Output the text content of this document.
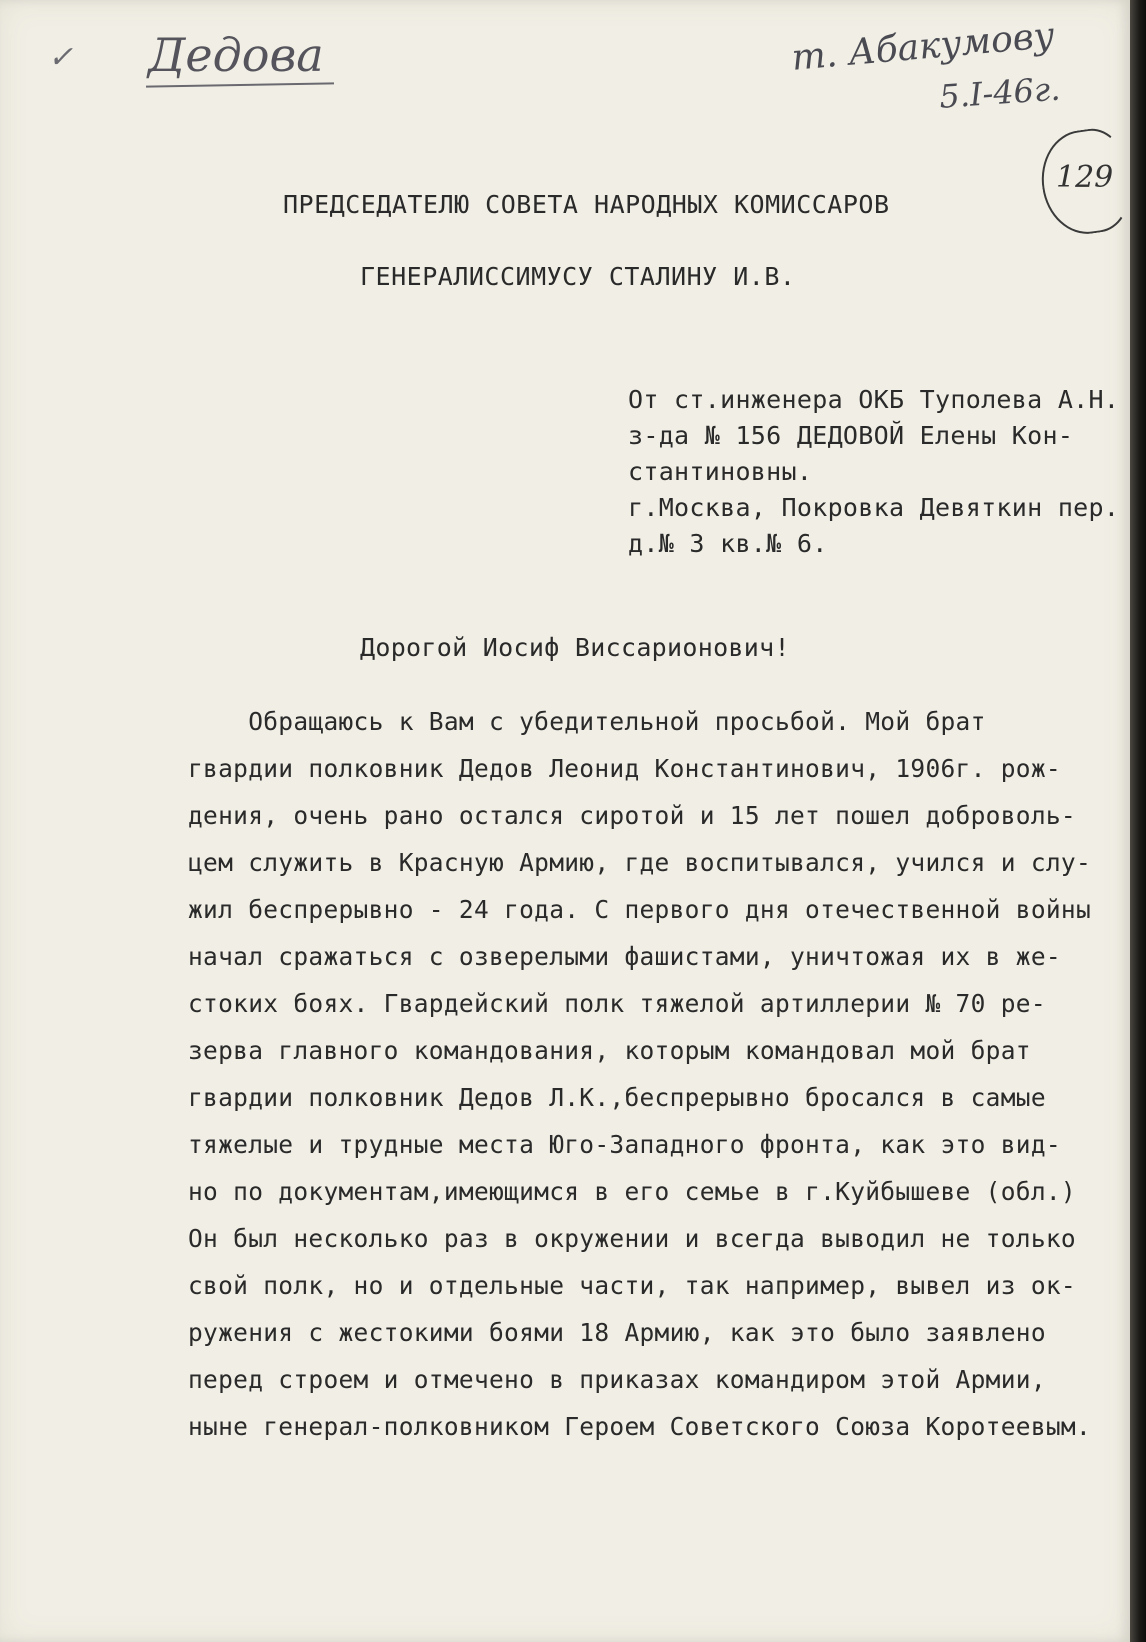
✓ Дедова	т. Абакумову
5.I-46г.
129
ПРЕДСЕДАТЕЛЮ СОВЕТА НАРОДНЫХ КОМИССАРОВ
ГЕНЕРАЛИССИМУСУ СТАЛИНУ И.В.
От ст.инженера ОКБ Туполева А.Н.
з-да № 156 ДЕДОВОЙ Елены Кон-
стантиновны.
г.Москва, Покровка Девяткин пер.
д.№ 3 кв.№ 6.
Дорогой Иосиф Виссарионович!
Обращаюсь к Вам с убедительной просьбой. Мой брат
гвардии полковник Дедов Леонид Константинович, 1906г. рож-
дения, очень рано остался сиротой и 15 лет пошел доброволь-
цем служить в Красную Армию, где воспитывался, учился и слу-
жил беспрерывно - 24 года. С первого дня отечественной войны
начал сражаться с озверелыми фашистами, уничтожая их в же-
стоких боях. Гвардейский полк тяжелой артиллерии № 70 ре-
зерва главного командования, которым командовал мой брат
гвардии полковник Дедов Л.К.,беспрерывно бросался в самые
тяжелые и трудные места Юго-Западного фронта, как это вид-
но по документам,имеющимся в его семье в г.Куйбышеве (обл.)
Он был несколько раз в окружении и всегда выводил не только
свой полк, но и отдельные части, так например, вывел из ок-
ружения с жестокими боями 18 Армию, как это было заявлено
перед строем и отмечено в приказах командиром этой Армии,
ныне генерал-полковником Героем Советского Союза Коротеевым.
